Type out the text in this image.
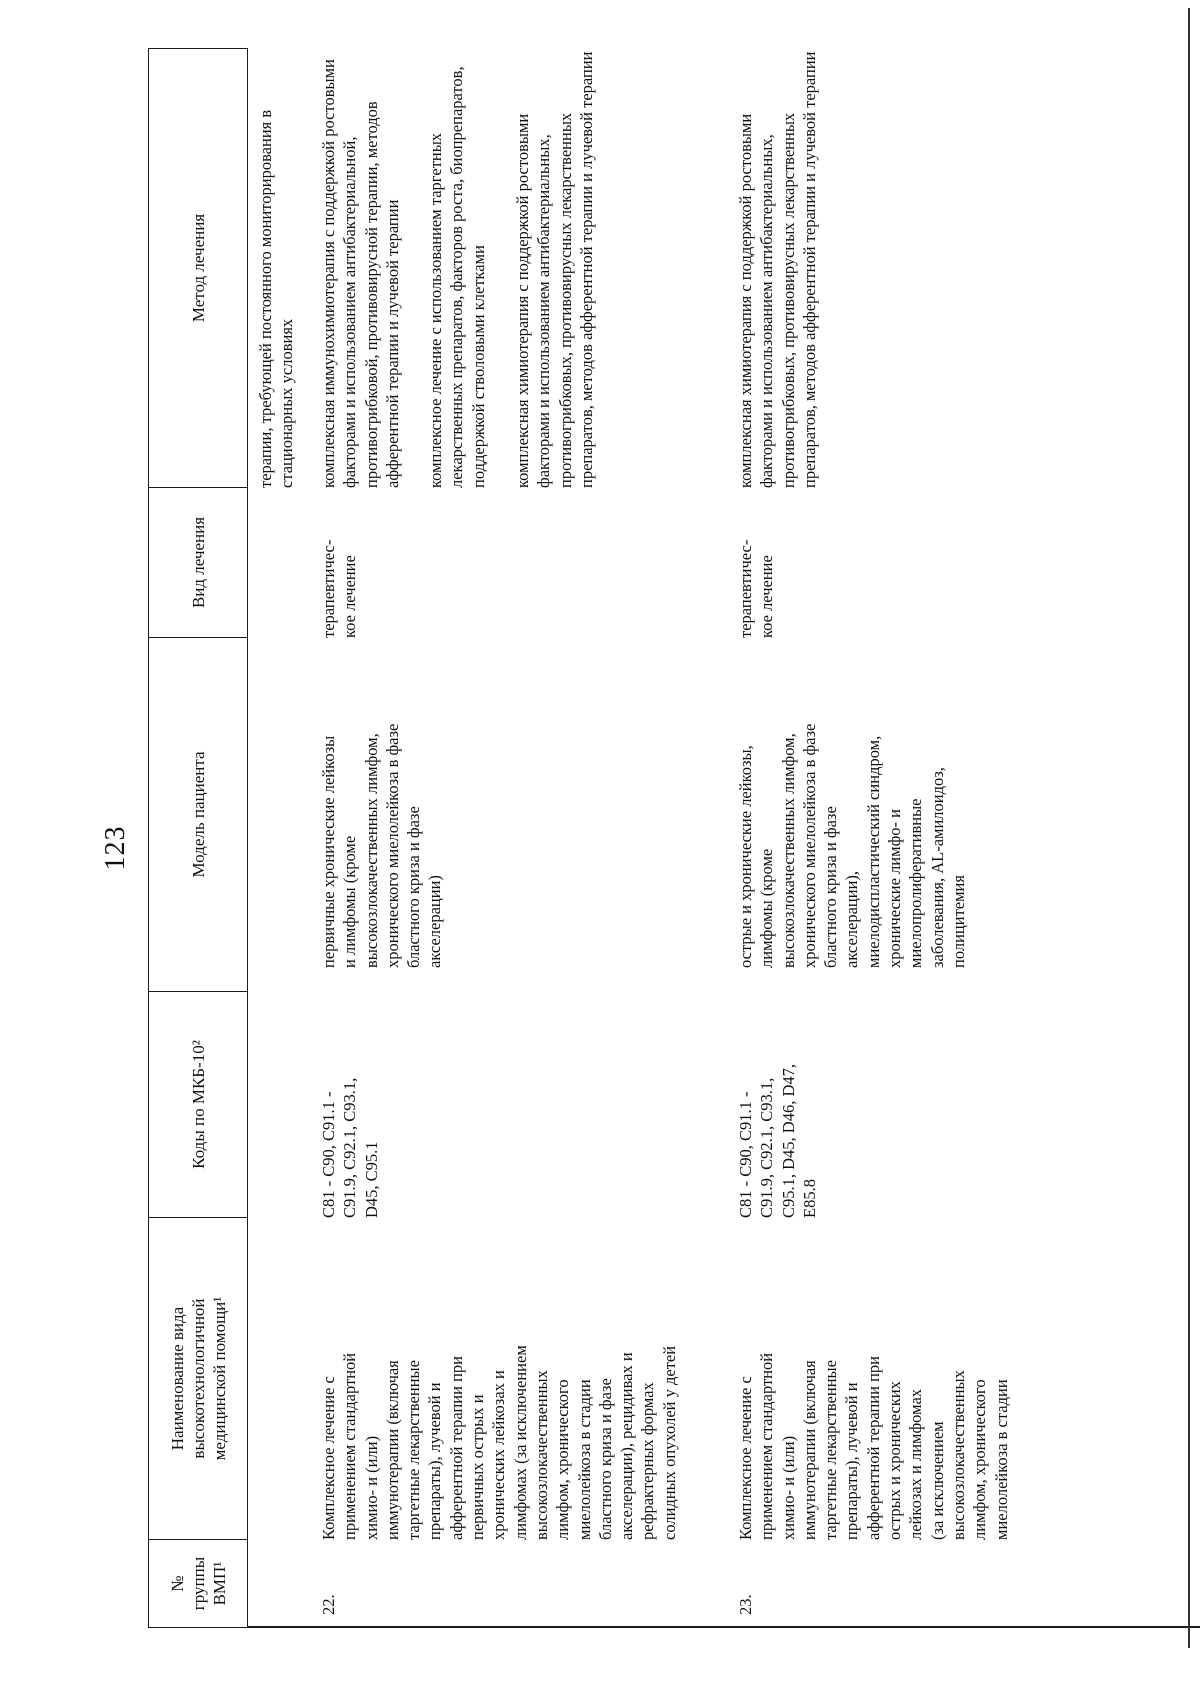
123
№
группы
ВМП¹
Наименование вида
высокотехнологичной
медицинской помощи¹
Коды по МКБ-10²
Модель пациента
Вид лечения
Метод лечения
терапии, требующей постоянного мониторирования в
стационарных условиях
22.
Комплексное лечение с
применением стандартной
химио- и (или)
иммунотерапии (включая
таргетные лекарственные
препараты), лучевой и
афферентной терапии при
первичных острых и
хронических лейкозах и
лимфомах (за исключением
высокозлокачественных
лимфом, хронического
миелолейкоза в стадии
бластного криза и фазе
акселерации), рецидивах и
рефрактерных формах
солидных опухолей у детей
C81 - C90, C91.1 -
C91.9, C92.1, C93.1,
D45, C95.1
первичные хронические лейкозы
и лимфомы (кроме
высокозлокачественных лимфом,
хронического миелолейкоза в фазе
бластного криза и фазе
акселерации)
терапевтичес-
кое лечение
комплексная иммунохимиотерапия с поддержкой ростовыми
факторами и использованием антибактериальной,
противогрибковой, противовирусной терапии, методов
афферентной терапии и лучевой терапии
комплексное лечение с использованием таргетных
лекарственных препаратов, факторов роста, биопрепаратов,
поддержкой стволовыми клетками
комплексная химиотерапия с поддержкой ростовыми
факторами и использованием антибактериальных,
противогрибковых, противовирусных лекарственных
препаратов, методов афферентной терапии и лучевой терапии
23.
Комплексное лечение с
применением стандартной
химио- и (или)
иммунотерапии (включая
таргетные лекарственные
препараты), лучевой и
афферентной терапии при
острых и хронических
лейкозах и лимфомах
(за исключением
высокозлокачественных
лимфом, хронического
миелолейкоза в стадии
C81 - C90, C91.1 -
C91.9, C92.1, C93.1,
C95.1, D45, D46, D47,
E85.8
острые и хронические лейкозы,
лимфомы (кроме
высокозлокачественных лимфом,
хронического миелолейкоза в фазе
бластного криза и фазе
акселерации),
миелодиспластический синдром,
хронические лимфо- и
миелопролиферативные
заболевания, AL-амилоидоз,
полицитемия
терапевтичес-
кое лечение
комплексная химиотерапия с поддержкой ростовыми
факторами и использованием антибактериальных,
противогрибковых, противовирусных лекарственных
препаратов, методов афферентной терапии и лучевой терапии
